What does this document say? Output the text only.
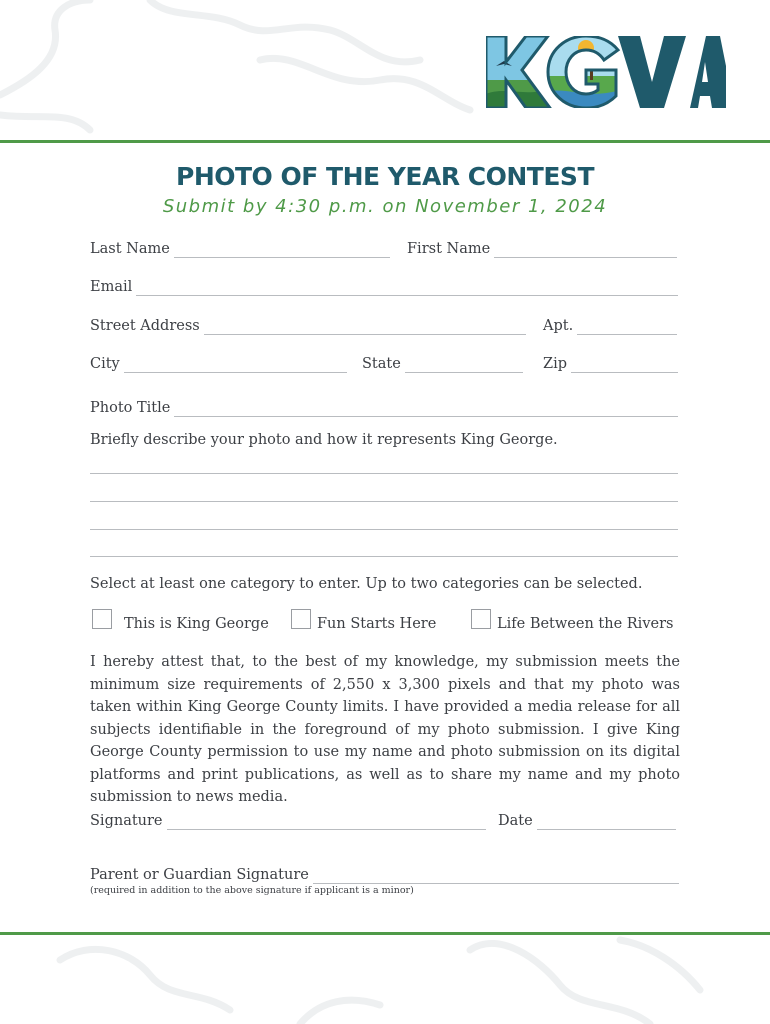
PHOTO OF THE YEAR CONTEST
Submit by 4:30 p.m. on November 1, 2024
Last Name	First Name
Email
Street Address	Apt.
City	State	Zip
Photo Title
Briefly describe your photo and how it represents King George.
Select at least one category to enter. Up to two categories can be selected.
This is King George	Fun Starts Here	Life Between the Rivers
I hereby attest that, to the best of my knowledge, my submission meets the minimum size requirements of 2,550 x 3,300 pixels and that my photo was taken within King George County limits. I have provided a media release for all subjects identifiable in the foreground of my photo submission. I give King George County permission to use my name and photo submission on its digital platforms and print publications, as well as to share my name and my photo submission to news media.
Signature	Date
Parent or Guardian Signature
(required in addition to the above signature if applicant is a minor)
